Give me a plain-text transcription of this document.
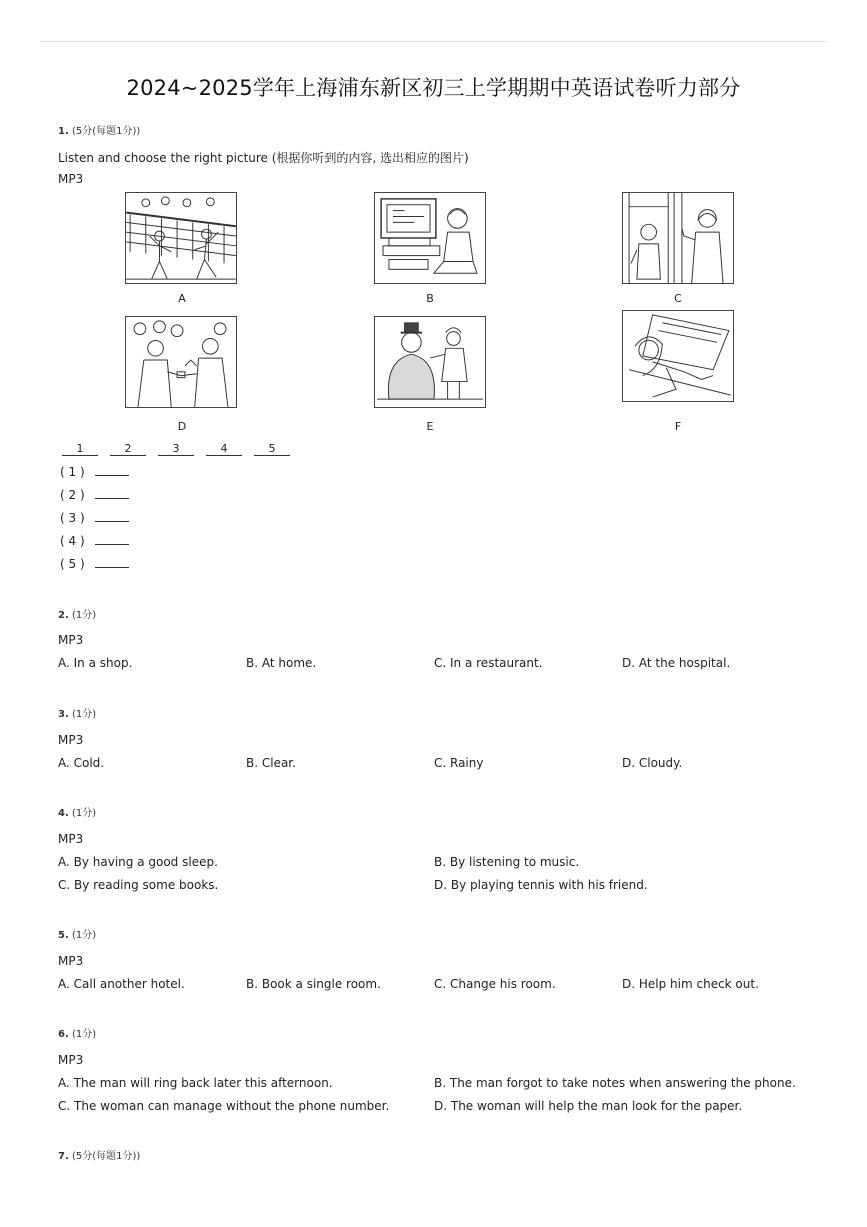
2024~2025学年上海浦东新区初三上学期期中英语试卷听力部分
1. (5分(每题1分))
Listen and choose the right picture (根据你听到的内容, 选出相应的图片)
MP3
A	B	C
D	E	F
1	2	3	4	5
( 1 )
( 2 )
( 3 )
( 4 )
( 5 )
2. (1分)
MP3
A. In a shop.	B. At home.	C. In a restaurant.	D. At the hospital.
3. (1分)
MP3
A. Cold.	B. Clear.	C. Rainy	D. Cloudy.
4. (1分)
MP3
A. By having a good sleep.	B. By listening to music.
C. By reading some books.	D. By playing tennis with his friend.
5. (1分)
MP3
A. Call another hotel.	B. Book a single room.	C. Change his room.	D. Help him check out.
6. (1分)
MP3
A. The man will ring back later this afternoon.	B. The man forgot to take notes when answering the phone.
C. The woman can manage without the phone number.	D. The woman will help the man look for the paper.
7. (5分(每题1分))
